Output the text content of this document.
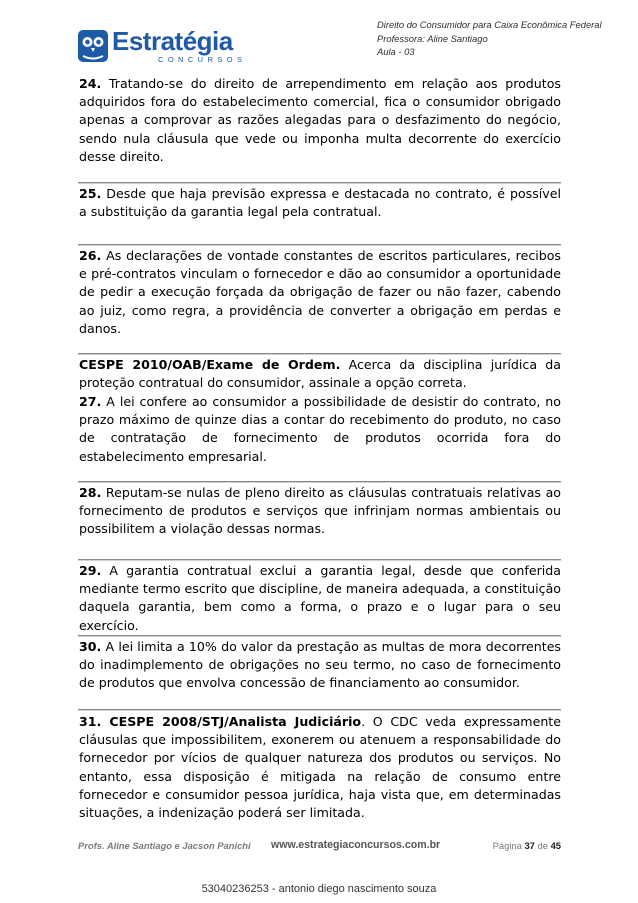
Estratégia
CONCURSOS
Direito do Consumidor para Caixa Econômica Federal
Professora: Aline Santiago
Aula - 03
24. Tratando-se do direito de arrependimento em relação aos produtos adquiridos fora do estabelecimento comercial, fica o consumidor obrigado apenas a comprovar as razões alegadas para o desfazimento do negócio, sendo nula cláusula que vede ou imponha multa decorrente do exercício desse direito.
25. Desde que haja previsão expressa e destacada no contrato, é possível a substituição da garantia legal pela contratual.
26. As declarações de vontade constantes de escritos particulares, recibos e pré-contratos vinculam o fornecedor e dão ao consumidor a oportunidade de pedir a execução forçada da obrigação de fazer ou não fazer, cabendo ao juiz, como regra, a providência de converter a obrigação em perdas e danos.
CESPE 2010/OAB/Exame de Ordem. Acerca da disciplina jurídica da proteção contratual do consumidor, assinale a opção correta.
27. A lei confere ao consumidor a possibilidade de desistir do contrato, no prazo máximo de quinze dias a contar do recebimento do produto, no caso de contratação de fornecimento de produtos ocorrida fora do estabelecimento empresarial.
28. Reputam-se nulas de pleno direito as cláusulas contratuais relativas ao fornecimento de produtos e serviços que infrinjam normas ambientais ou possibilitem a violação dessas normas.
29. A garantia contratual exclui a garantia legal, desde que conferida mediante termo escrito que discipline, de maneira adequada, a constituição daquela garantia, bem como a forma, o prazo e o lugar para o seu exercício.
30. A lei limita a 10% do valor da prestação as multas de mora decorrentes do inadimplemento de obrigações no seu termo, no caso de fornecimento de produtos que envolva concessão de financiamento ao consumidor.
31. CESPE 2008/STJ/Analista Judiciário. O CDC veda expressamente cláusulas que impossibilitem, exonerem ou atenuem a responsabilidade do fornecedor por vícios de qualquer natureza dos produtos ou serviços. No entanto, essa disposição é mitigada na relação de consumo entre fornecedor e consumidor pessoa jurídica, haja vista que, em determinadas situações, a indenização poderá ser limitada.
Profs. Aline Santiago e Jacson Panichi www.estrategiaconcursos.com.br	Página 37 de 45
53040236253 - antonio diego nascimento souza
